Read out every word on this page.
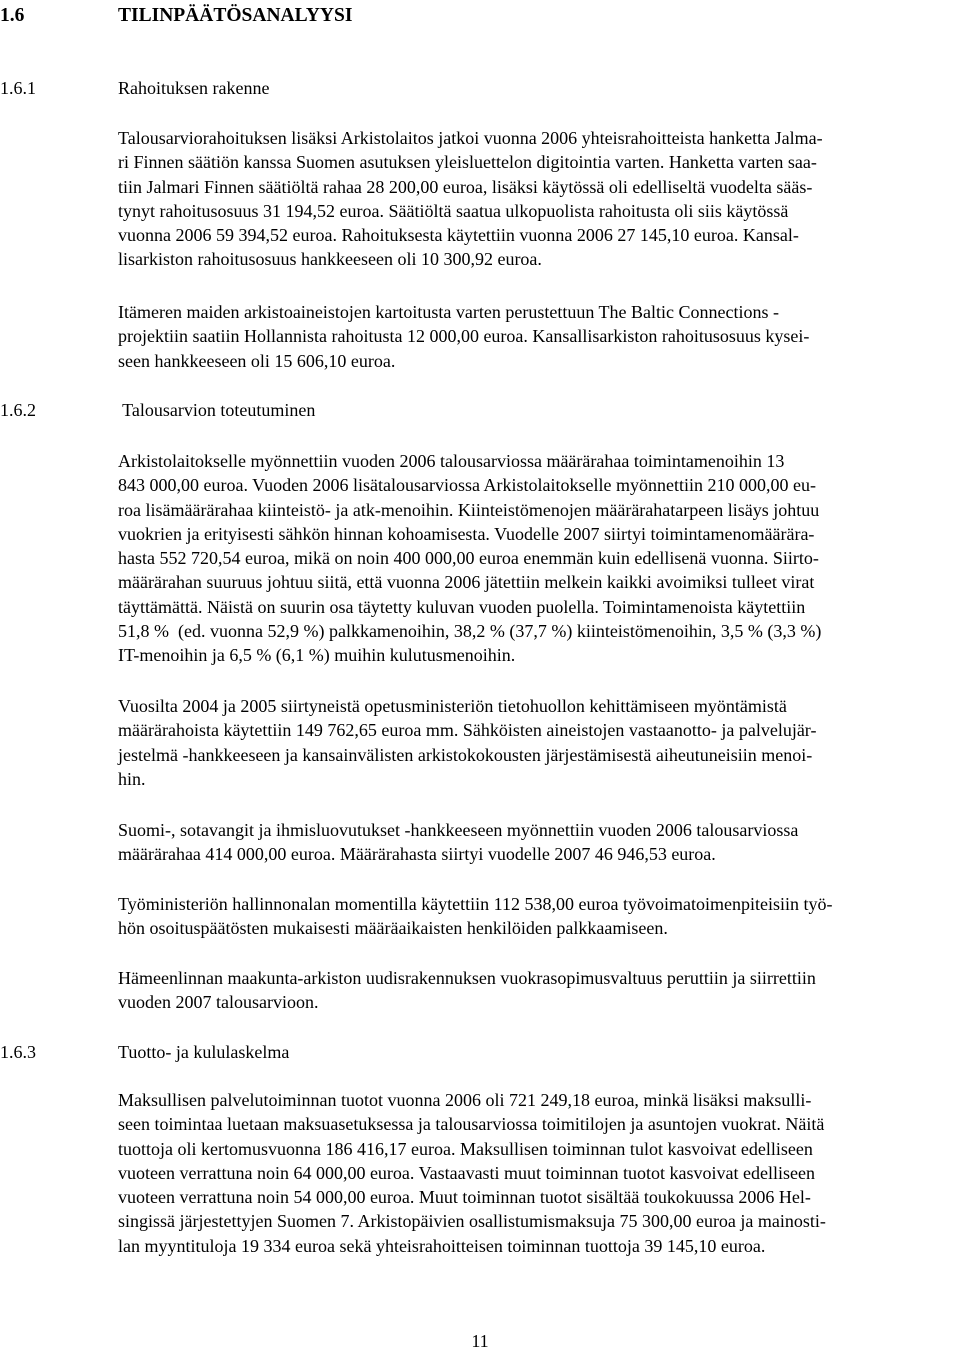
1.6	TILINPÄÄTÖSANALYYSI
1.6.1	Rahoituksen rakenne
Talousarviorahoituksen lisäksi Arkistolaitos jatkoi vuonna 2006 yhteisrahoitteista hanketta Jalma-
ri Finnen säätiön kanssa Suomen asutuksen yleisluettelon digitointia varten. Hanketta varten saa-
tiin Jalmari Finnen säätiöltä rahaa 28 200,00 euroa, lisäksi käytössä oli edelliseltä vuodelta sääs-
tynyt rahoitusosuus 31 194,52 euroa. Säätiöltä saatua ulkopuolista rahoitusta oli siis käytössä
vuonna 2006 59 394,52 euroa. Rahoituksesta käytettiin vuonna 2006 27 145,10 euroa. Kansal-
lisarkiston rahoitusosuus hankkeeseen oli 10 300,92 euroa.
Itämeren maiden arkistoaineistojen kartoitusta varten perustettuun The Baltic Connections -
projektiin saatiin Hollannista rahoitusta 12 000,00 euroa. Kansallisarkiston rahoitusosuus kysei-
seen hankkeeseen oli 15 606,10 euroa.
1.6.2	Talousarvion toteutuminen
Arkistolaitokselle myönnettiin vuoden 2006 talousarviossa määrärahaa toimintamenoihin 13
843 000,00 euroa. Vuoden 2006 lisätalousarviossa Arkistolaitokselle myönnettiin 210 000,00 eu-
roa lisämäärärahaa kiinteistö- ja atk-menoihin. Kiinteistömenojen määrärahatarpeen lisäys johtuu
vuokrien ja erityisesti sähkön hinnan kohoamisesta. Vuodelle 2007 siirtyi toimintamenomäärära-
hasta 552 720,54 euroa, mikä on noin 400 000,00 euroa enemmän kuin edellisenä vuonna. Siirto-
määrärahan suuruus johtuu siitä, että vuonna 2006 jätettiin melkein kaikki avoimiksi tulleet virat
täyttämättä. Näistä on suurin osa täytetty kuluvan vuoden puolella. Toimintamenoista käytettiin
51,8 %  (ed. vuonna 52,9 %) palkkamenoihin, 38,2 % (37,7 %) kiinteistömenoihin, 3,5 % (3,3 %)
IT-menoihin ja 6,5 % (6,1 %) muihin kulutusmenoihin.
Vuosilta 2004 ja 2005 siirtyneistä opetusministeriön tietohuollon kehittämiseen myöntämistä
määrärahoista käytettiin 149 762,65 euroa mm. Sähköisten aineistojen vastaanotto- ja palvelujär-
jestelmä -hankkeeseen ja kansainvälisten arkistokokousten järjestämisestä aiheutuneisiin menoi-
hin.
Suomi-, sotavangit ja ihmisluovutukset -hankkeeseen myönnettiin vuoden 2006 talousarviossa
määrärahaa 414 000,00 euroa. Määrärahasta siirtyi vuodelle 2007 46 946,53 euroa.
Työministeriön hallinnonalan momentilla käytettiin 112 538,00 euroa työvoimatoimenpiteisiin työ-
hön osoituspäätösten mukaisesti määräaikaisten henkilöiden palkkaamiseen.
Hämeenlinnan maakunta-arkiston uudisrakennuksen vuokrasopimusvaltuus peruttiin ja siirrettiin
vuoden 2007 talousarvioon.
1.6.3	Tuotto- ja kululaskelma
Maksullisen palvelutoiminnan tuotot vuonna 2006 oli 721 249,18 euroa, minkä lisäksi maksulli-
seen toimintaa luetaan maksuasetuksessa ja talousarviossa toimitilojen ja asuntojen vuokrat. Näitä
tuottoja oli kertomusvuonna 186 416,17 euroa. Maksullisen toiminnan tulot kasvoivat edelliseen
vuoteen verrattuna noin 64 000,00 euroa. Vastaavasti muut toiminnan tuotot kasvoivat edelliseen
vuoteen verrattuna noin 54 000,00 euroa. Muut toiminnan tuotot sisältää toukokuussa 2006 Hel-
singissä järjestettyjen Suomen 7. Arkistopäivien osallistumismaksuja 75 300,00 euroa ja mainosti-
lan myyntituloja 19 334 euroa sekä yhteisrahoitteisen toiminnan tuottoja 39 145,10 euroa.
11
